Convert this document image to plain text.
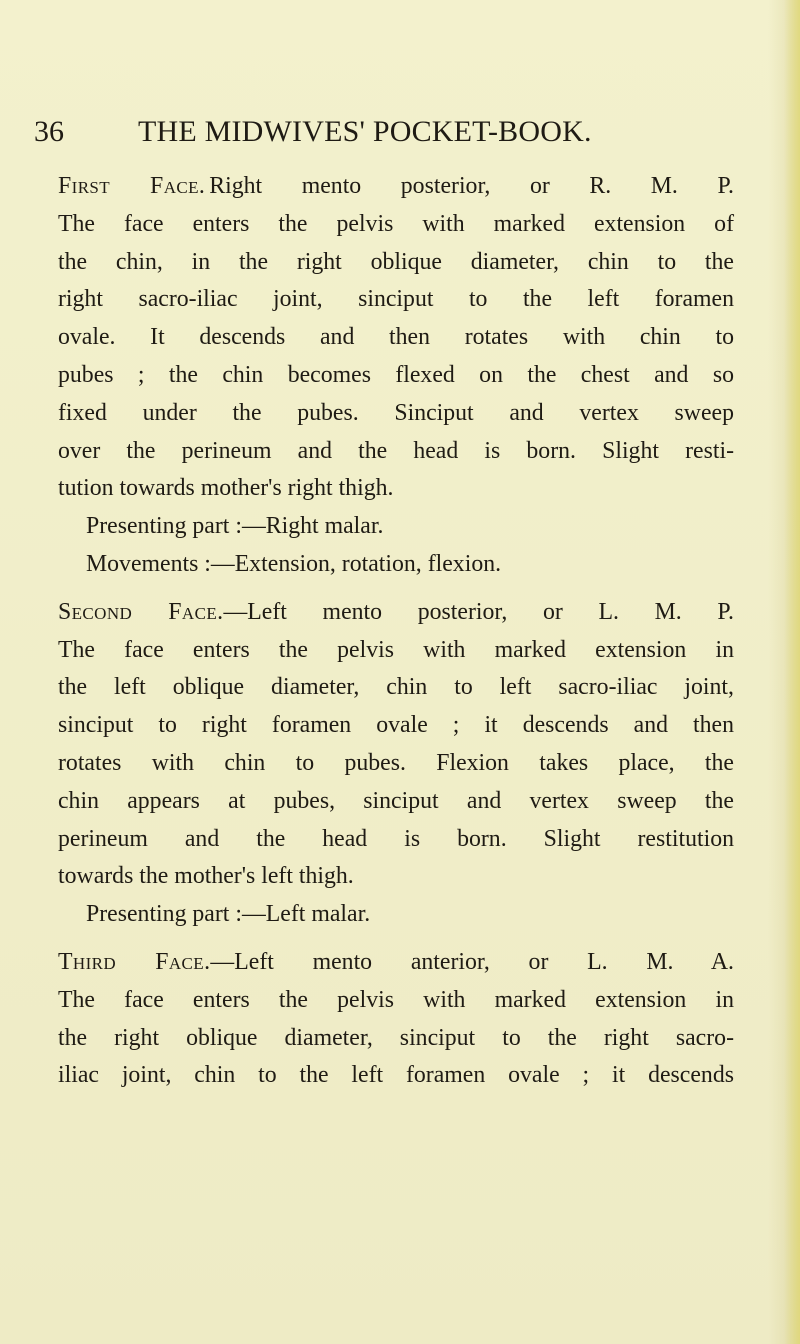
36 THE MIDWIVES' POCKET-BOOK.
First Face. Right mento posterior, or R. M. P.
The face enters the pelvis with marked extension of
the chin, in the right oblique diameter, chin to the
right sacro-iliac joint, sinciput to the left foramen
ovale. It descends and then rotates with chin to
pubes ; the chin becomes flexed on the chest and so
fixed under the pubes. Sinciput and vertex sweep
over the perineum and the head is born. Slight resti-
tution towards mother's right thigh.
Presenting part :—Right malar.
Movements :—Extension, rotation, flexion.
Second Face.—Left mento posterior, or L. M. P.
The face enters the pelvis with marked extension in
the left oblique diameter, chin to left sacro-iliac joint,
sinciput to right foramen ovale ; it descends and then
rotates with chin to pubes. Flexion takes place, the
chin appears at pubes, sinciput and vertex sweep the
perineum and the head is born. Slight restitution
towards the mother's left thigh.
Presenting part :—Left malar.
Third Face.—Left mento anterior, or L. M. A.
The face enters the pelvis with marked extension in
the right oblique diameter, sinciput to the right sacro-
iliac joint, chin to the left foramen ovale ; it descends
